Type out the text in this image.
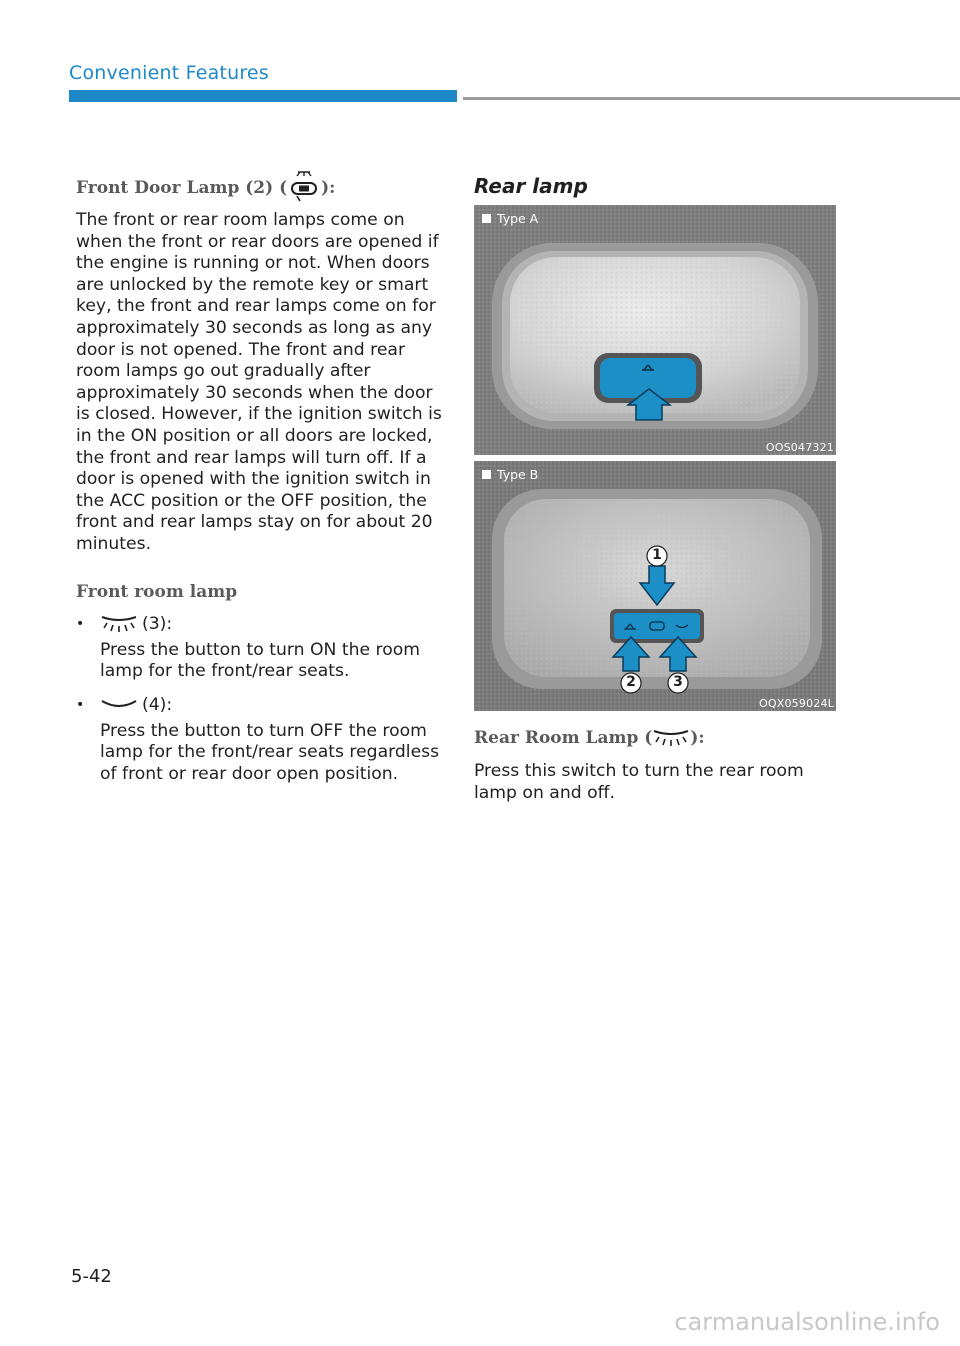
Convenient Features
Front Door Lamp (2) ( ):

The front or rear room lamps come on when the front or rear doors are opened if the engine is running or not. When doors are unlocked by the remote key or smart key, the front and rear lamps come on for approximately 30 seconds as long as any door is not opened. The front and rear room lamps go out gradually after approximately 30 seconds when the door is closed. However, if the ignition switch is in the ON position or all doors are locked, the front and rear lamps will turn off. If a door is opened with the ignition switch in the ACC position or the OFF position, the front and rear lamps stay on for about 20 minutes.

Front room lamp
•	(3):

Press the button to turn ON the room lamp for the front/rear seats.

•	(4):

Press the button to turn OFF the room lamp for the front/rear seats regardless of front or rear door open position.

Rear lamp
Type A
OOS047321
1
2	3
Type B
OQX059024L
Rear Room Lamp ( ):

Press this switch to turn the rear room lamp on and off.

5-42
carmanualsonline.info
